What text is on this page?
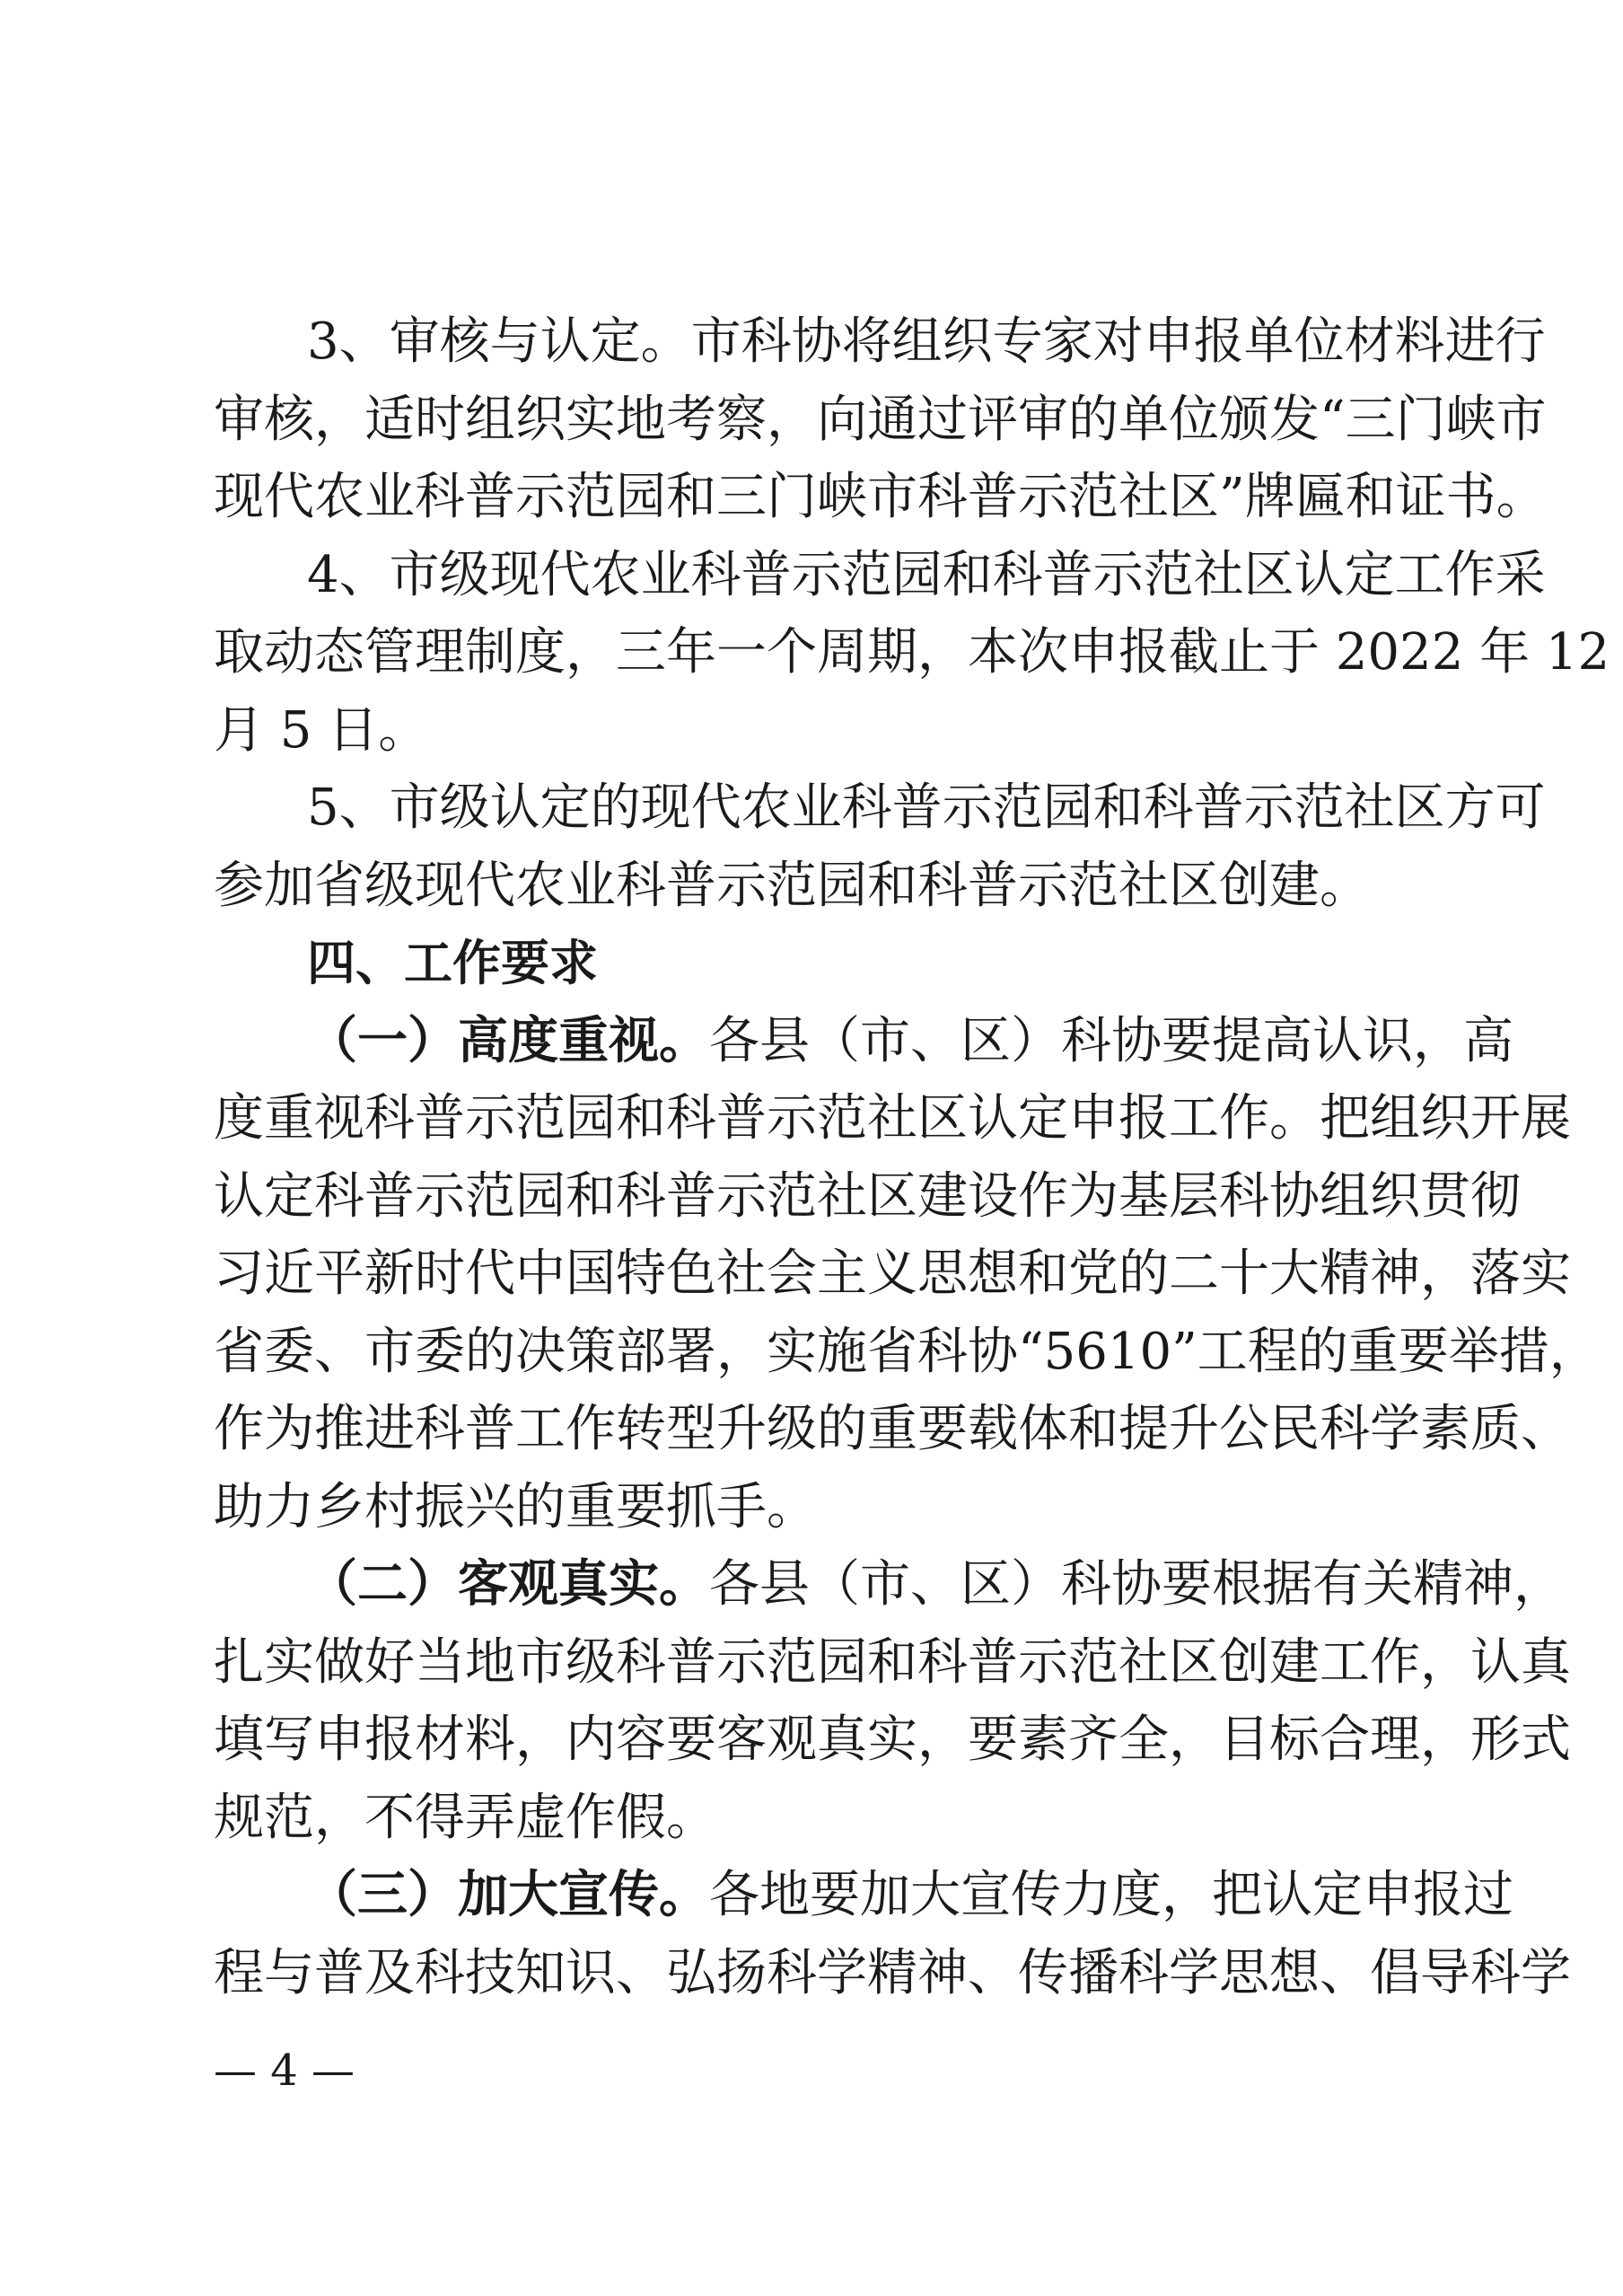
3、审核与认定。市科协将组织专家对申报单位材料进行
审核，适时组织实地考察，向通过评审的单位颁发“三门峡市
现代农业科普示范园和三门峡市科普示范社区”牌匾和证书。
4、市级现代农业科普示范园和科普示范社区认定工作采
取动态管理制度，三年一个周期，本次申报截止于 2022 年 12
月 5 日。
5、市级认定的现代农业科普示范园和科普示范社区方可
参加省级现代农业科普示范园和科普示范社区创建。
四、工作要求
（一）高度重视。各县（市、区）科协要提高认识，高
度重视科普示范园和科普示范社区认定申报工作。把组织开展
认定科普示范园和科普示范社区建设作为基层科协组织贯彻
习近平新时代中国特色社会主义思想和党的二十大精神，落实
省委、市委的决策部署，实施省科协“5610”工程的重要举措，
作为推进科普工作转型升级的重要载体和提升公民科学素质、
助力乡村振兴的重要抓手。
（二）客观真实。各县（市、区）科协要根据有关精神，
扎实做好当地市级科普示范园和科普示范社区创建工作，认真
填写申报材料，内容要客观真实，要素齐全，目标合理，形式
规范，不得弄虚作假。
（三）加大宣传。各地要加大宣传力度，把认定申报过
程与普及科技知识、弘扬科学精神、传播科学思想、倡导科学
— 4 —
